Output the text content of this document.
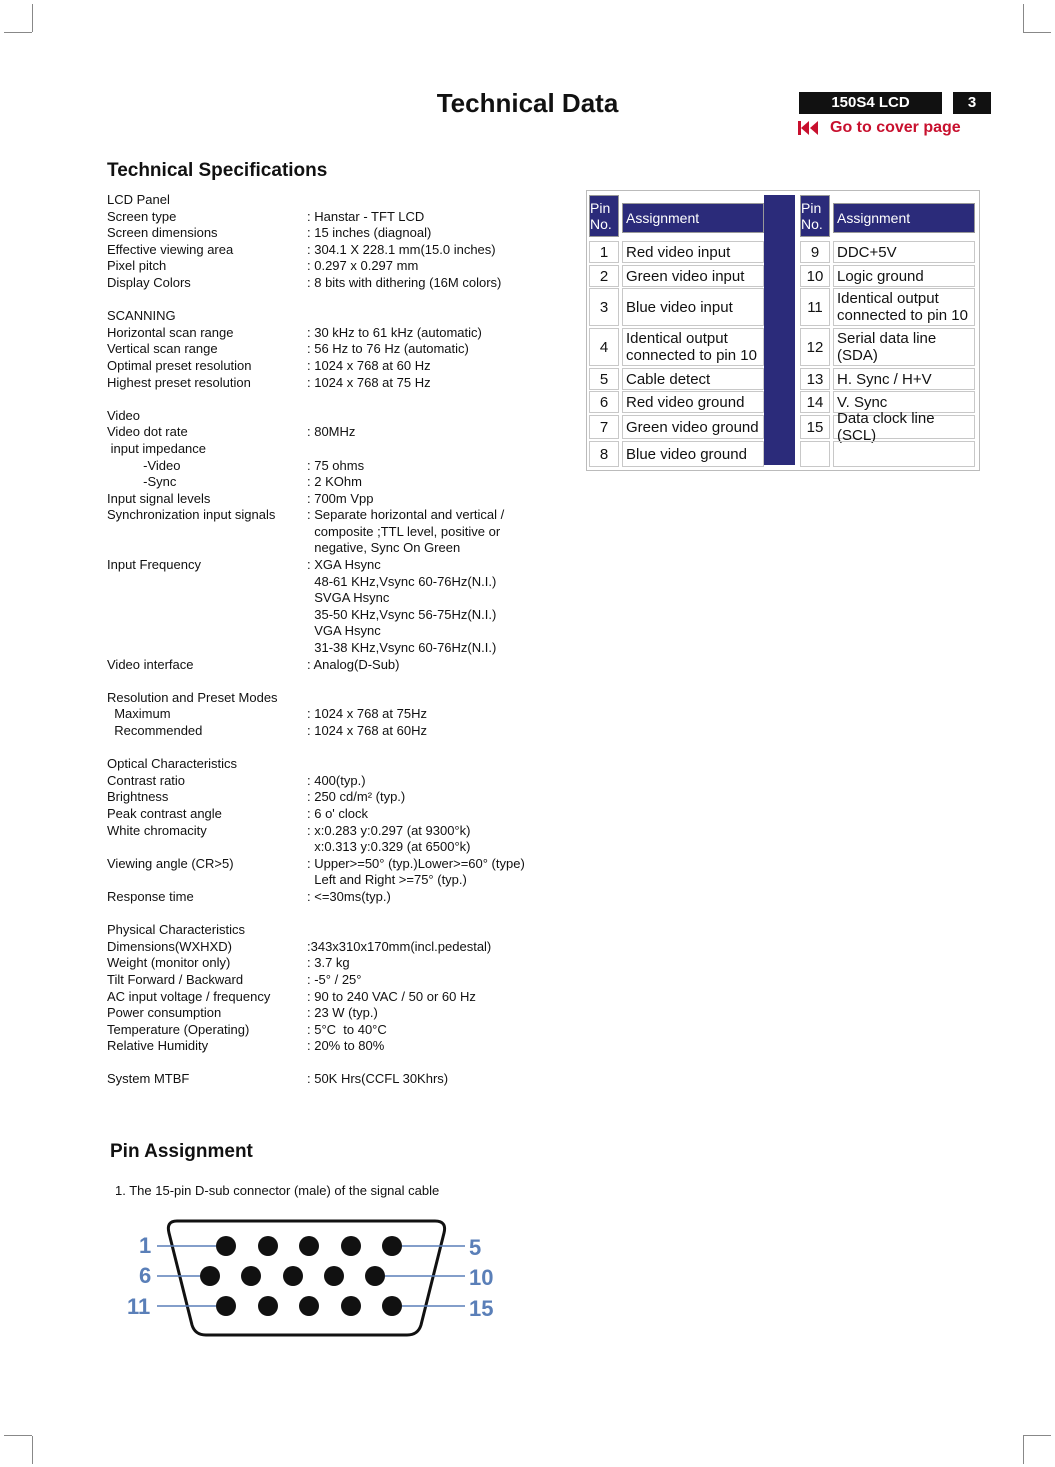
Technical Data	150S4 LCD	3
Go to cover page
Technical Specifications
LCD Panel
Screen type	: Hanstar - TFT LCD
Screen dimensions	: 15 inches (diagnoal)
Effective viewing area	: 304.1 X 228.1 mm(15.0 inches)
Pixel pitch	: 0.297 x 0.297 mm
Display Colors	: 8 bits with dithering (16M colors)
SCANNING
Horizontal scan range	: 30 kHz to 61 kHz (automatic)
Vertical scan range	: 56 Hz to 76 Hz (automatic)
Optimal preset resolution	: 1024 x 768 at 60 Hz
Highest preset resolution	: 1024 x 768 at 75 Hz
Video
Video dot rate	: 80MHz
input impedance
-Video	: 75 ohms
-Sync	: 2 KOhm
Input signal levels	: 700m Vpp
Synchronization input signals	: Separate horizontal and vertical /
composite ;TTL level, positive or
negative, Sync On Green
Input Frequency	: XGA Hsync
48-61 KHz,Vsync 60-76Hz(N.I.)
SVGA Hsync
35-50 KHz,Vsync 56-75Hz(N.I.)
VGA Hsync
31-38 KHz,Vsync 60-76Hz(N.I.)
Video interface	: Analog(D-Sub)
Resolution and Preset Modes
Maximum	: 1024 x 768 at 75Hz
Recommended	: 1024 x 768 at 60Hz
Optical Characteristics
Contrast ratio	: 400(typ.)
Brightness	: 250 cd/m² (typ.)
Peak contrast angle	: 6 o' clock
White chromacity	: x:0.283 y:0.297 (at 9300°k)
x:0.313 y:0.329 (at 6500°k)
Viewing angle (CR>5)	: Upper>=50° (typ.)Lower>=60° (type)
Left and Right >=75° (typ.)
Response time	: <=30ms(typ.)
Physical Characteristics
Dimensions(WXHXD)	:343x310x170mm(incl.pedestal)
Weight (monitor only)	: 3.7 kg
Tilt Forward / Backward	: -5° / 25°
AC input voltage / frequency	: 90 to 240 VAC / 50 or 60 Hz
Power consumption	: 23 W (typ.)
Temperature (Operating)	: 5°C  to 40°C
Relative Humidity	: 20% to 80%
System MTBF	: 50K Hrs(CCFL 30Khrs)
Pin No.	Assignment
Pin No.	Assignment
1 Red video input
2 Green video input
3 Blue video input
4 Identical output connected to pin 10
5 Cable detect
6 Red video ground
7 Green video ground
8 Blue video ground
9 DDC+5V
10 Logic ground
11 Identical output connected to pin 10
12 Serial data line (SDA)
13 H. Sync / H+V
14 V. Sync
15 Data clock line (SCL)
Pin Assignment
1. The 15-pin D-sub connector (male) of the signal cable
1	5
6	10
11	15
